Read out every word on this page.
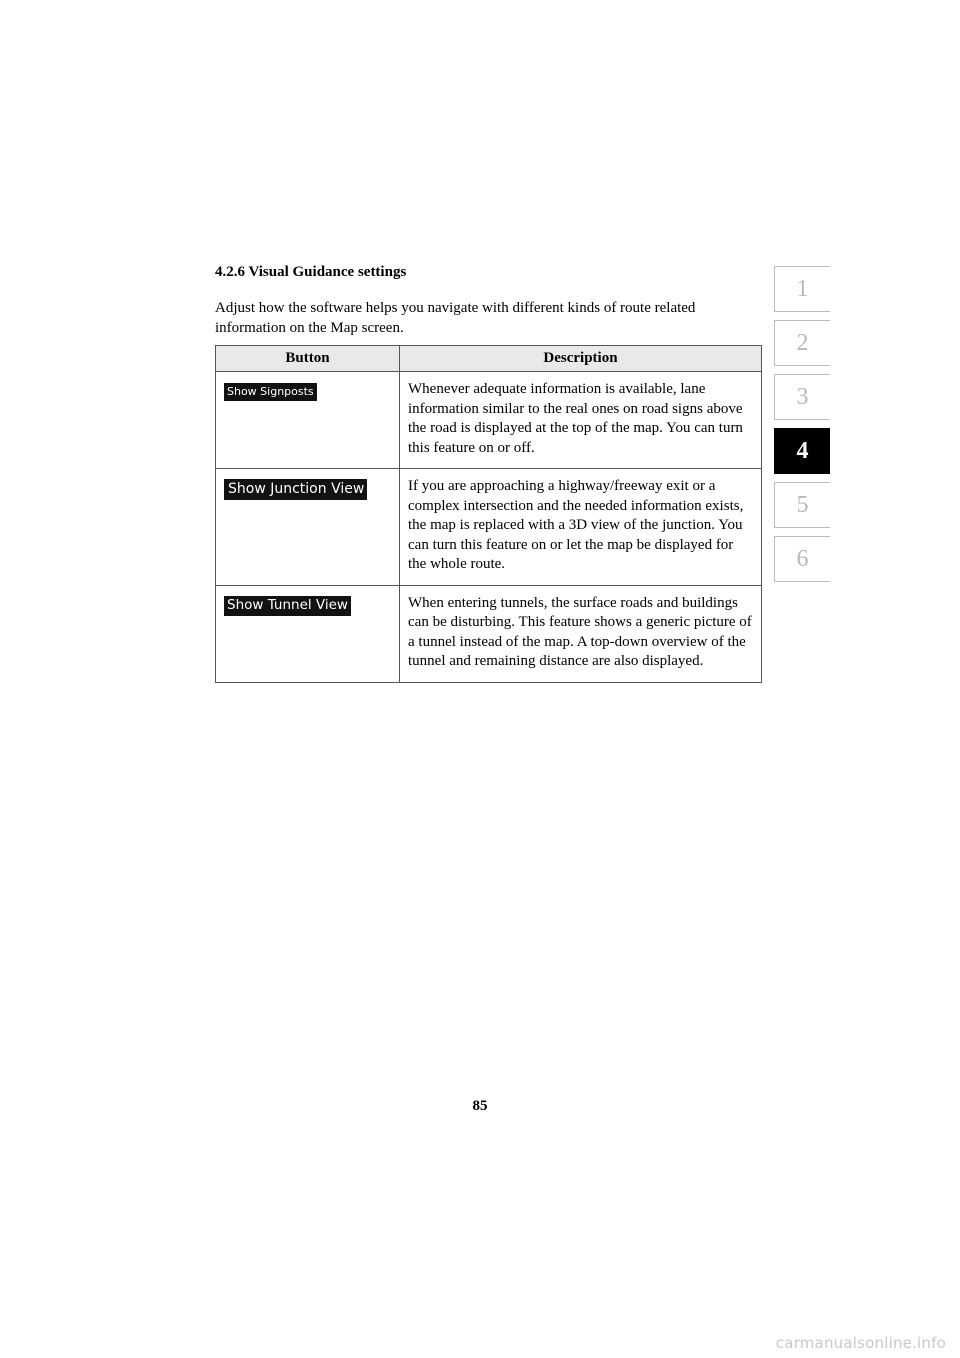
4.2.6 Visual Guidance settings

Adjust how the software helps you navigate with different kinds of route related information on the Map screen.

Button	Description
Show Signposts	Whenever adequate information is available, lane information similar to the real ones on road signs above the road is displayed at the top of the map. You can turn this feature on or off.
Show Junction View	If you are approaching a highway/freeway exit or a complex intersection and the needed information exists, the map is replaced with a 3D view of the junction. You can turn this feature on or let the map be displayed for the whole route.
Show Tunnel View	When entering tunnels, the surface roads and buildings can be disturbing. This feature shows a generic picture of a tunnel instead of the map. A top-down overview of the tunnel and remaining distance are also displayed.
1
2
3
4
5
6

85

carmanualsonline.info
